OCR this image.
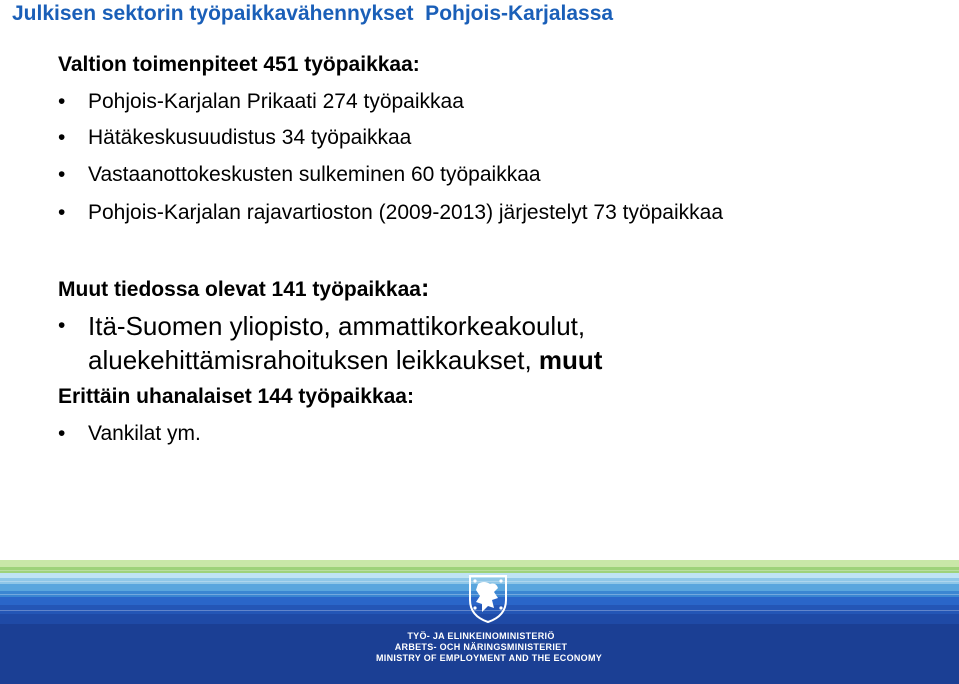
Julkisen sektorin työpaikkavähennykset  Pohjois-Karjalassa
Valtion toimenpiteet 451 työpaikkaa:
•	Pohjois-Karjalan Prikaati 274 työpaikkaa
•	Hätäkeskusuudistus 34 työpaikkaa
•	Vastaanottokeskusten sulkeminen 60 työpaikkaa
•	Pohjois-Karjalan rajavartioston (2009-2013) järjestelyt 73 työpaikkaa
Muut tiedossa olevat 141 työpaikkaa:
• Itä-Suomen yliopisto, ammattikorkeakoulut,
aluekehittämisrahoituksen leikkaukset, muut
Erittäin uhanalaiset 144 työpaikkaa:
•	Vankilat ym.
TYÖ- JA ELINKEINOMINISTERIÖ
ARBETS- OCH NÄRINGSMINISTERIET
MINISTRY OF EMPLOYMENT AND THE ECONOMY
